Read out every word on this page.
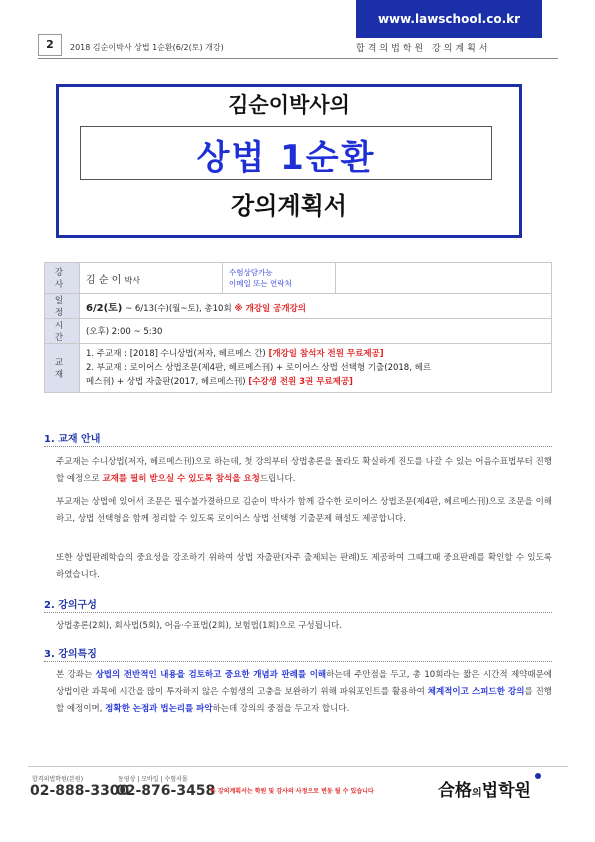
www.lawschool.co.kr
2	2018 김순이박사 상법 1순환(6/2(토) 개강)	합격의법학원 강의계획서
김순이박사의
상법 1순환
강의계획서
강 사	김 순 이 박사	수험상담가능
이메일 또는 연락처	

일 정	6/2(토) ~ 6/13(수)(월~토), 총10회 ※ 개강일 공개강의		
시 간	(오후) 2:00 ~ 5:30		
교 재	1. 주교재 : [2018] 수니상법(저자, 헤르메스 간) [개강일 참석자 전원 무료제공]
2. 부교재 : 로이어스 상법조문(제4판, 헤르메스刊) + 로이어스 상법 선택형 기출(2018, 헤르
메스刊) + 상법 자출판(2017, 헤르메스刊) [수강생 전원 3권 무료제공]		
1. 교재 안내
주교재는 수니상법(저자, 헤르메스刊)으로 하는데, 첫 강의부터 상법총론을 몰라도 확실하게 진도를 나갈 수 있는 어음수표법부터 진행할 예정으로 교재를 필히 받으실 수 있도록 참석을 요청드립니다.
부교재는 상법에 있어서 조문은 필수불가결하므로 김순이 박사가 함께 감수한 로이어스 상법조문(제4판, 헤르메스刊)으로 조문을 이해하고, 상법 선택형을 함께 정리할 수 있도록 로이어스 상법 선택형 기출문제 해설도 제공합니다.
또한 상법판례학습의 중요성을 강조하기 위하여 상법 자출판(자주 출제되는 판례)도 제공하여 그때그때 중요판례를 확인할 수 있도록 하였습니다.
2. 강의구성
상법총론(2회), 회사법(5회), 어음·수표법(2회), 보험법(1회)으로 구성됩니다.
3. 강의특징
본 강좌는 상법의 전반적인 내용을 검토하고 중요한 개념과 판례를 이해하는데 주안점을 두고, 총 10회라는 짧은 시간적 제약때문에 상법이란 과목에 시간을 많이 투자하지 않은 수험생의 고충을 보완하기 위해 파워포인트를 활용하여 체계적이고 스피드한 강의를 진행할 예정이며, 정확한 논점과 법논리를 파악하는데 강의의 중점을 두고자 합니다.
합격의법학원(본원)
02-888-3300
동영상 | 모바일 | 수험서몰
02-876-3458
본 강의계획서는 학원 및 강사의 사정으로 변동 될 수 있습니다	合格의법학원
